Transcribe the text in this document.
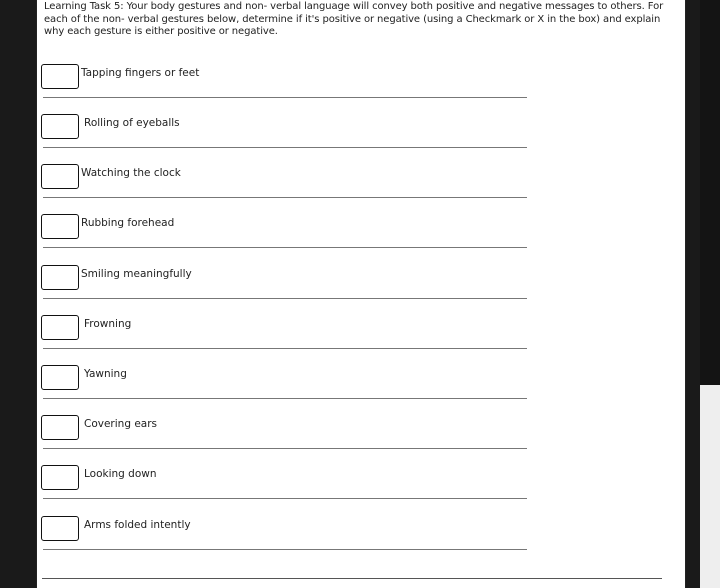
Learning Task 5: Your body gestures and non- verbal language will convey both positive and negative messages to others. For
each of the non- verbal gestures below, determine if it's positive or negative (using a Checkmark or X in the box) and explain
why each gesture is either positive or negative.
Tapping fingers or feet
Rolling of eyeballs
Watching the clock
Rubbing forehead
Smiling meaningfully
Frowning
Yawning
Covering ears
Looking down
Arms folded intently
